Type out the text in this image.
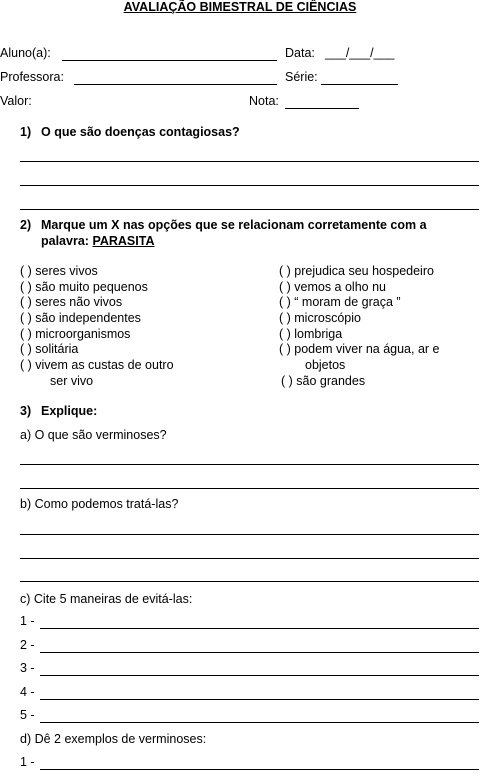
AVALIAÇÃO BIMESTRAL DE CIÊNCIAS
Aluno(a):	Data: ___/___/___
Professora:	Série:
Valor:	Nota:
1) O que são doenças contagiosas?
2) Marque um X nas opções que se relacionam corretamente com a
palavra: PARASITA
( ) seres vivos
( ) são muito pequenos
( ) seres não vivos
( ) são independentes
( ) microorganismos
( ) solitária
( ) vivem as custas de outro
ser vivo
( ) prejudica seu hospedeiro
( ) vemos a olho nu
( ) “ moram de graça ”
( ) microscópio
( ) lombriga
( ) podem viver na água, ar e
objetos
( ) são grandes
3) Explique:
a) O que são verminoses?
b) Como podemos tratá-las?
c) Cite 5 maneiras de evitá-las:
1 -
2 -
3 -
4 -
5 -
d) Dê 2 exemplos de verminoses:
1 -
